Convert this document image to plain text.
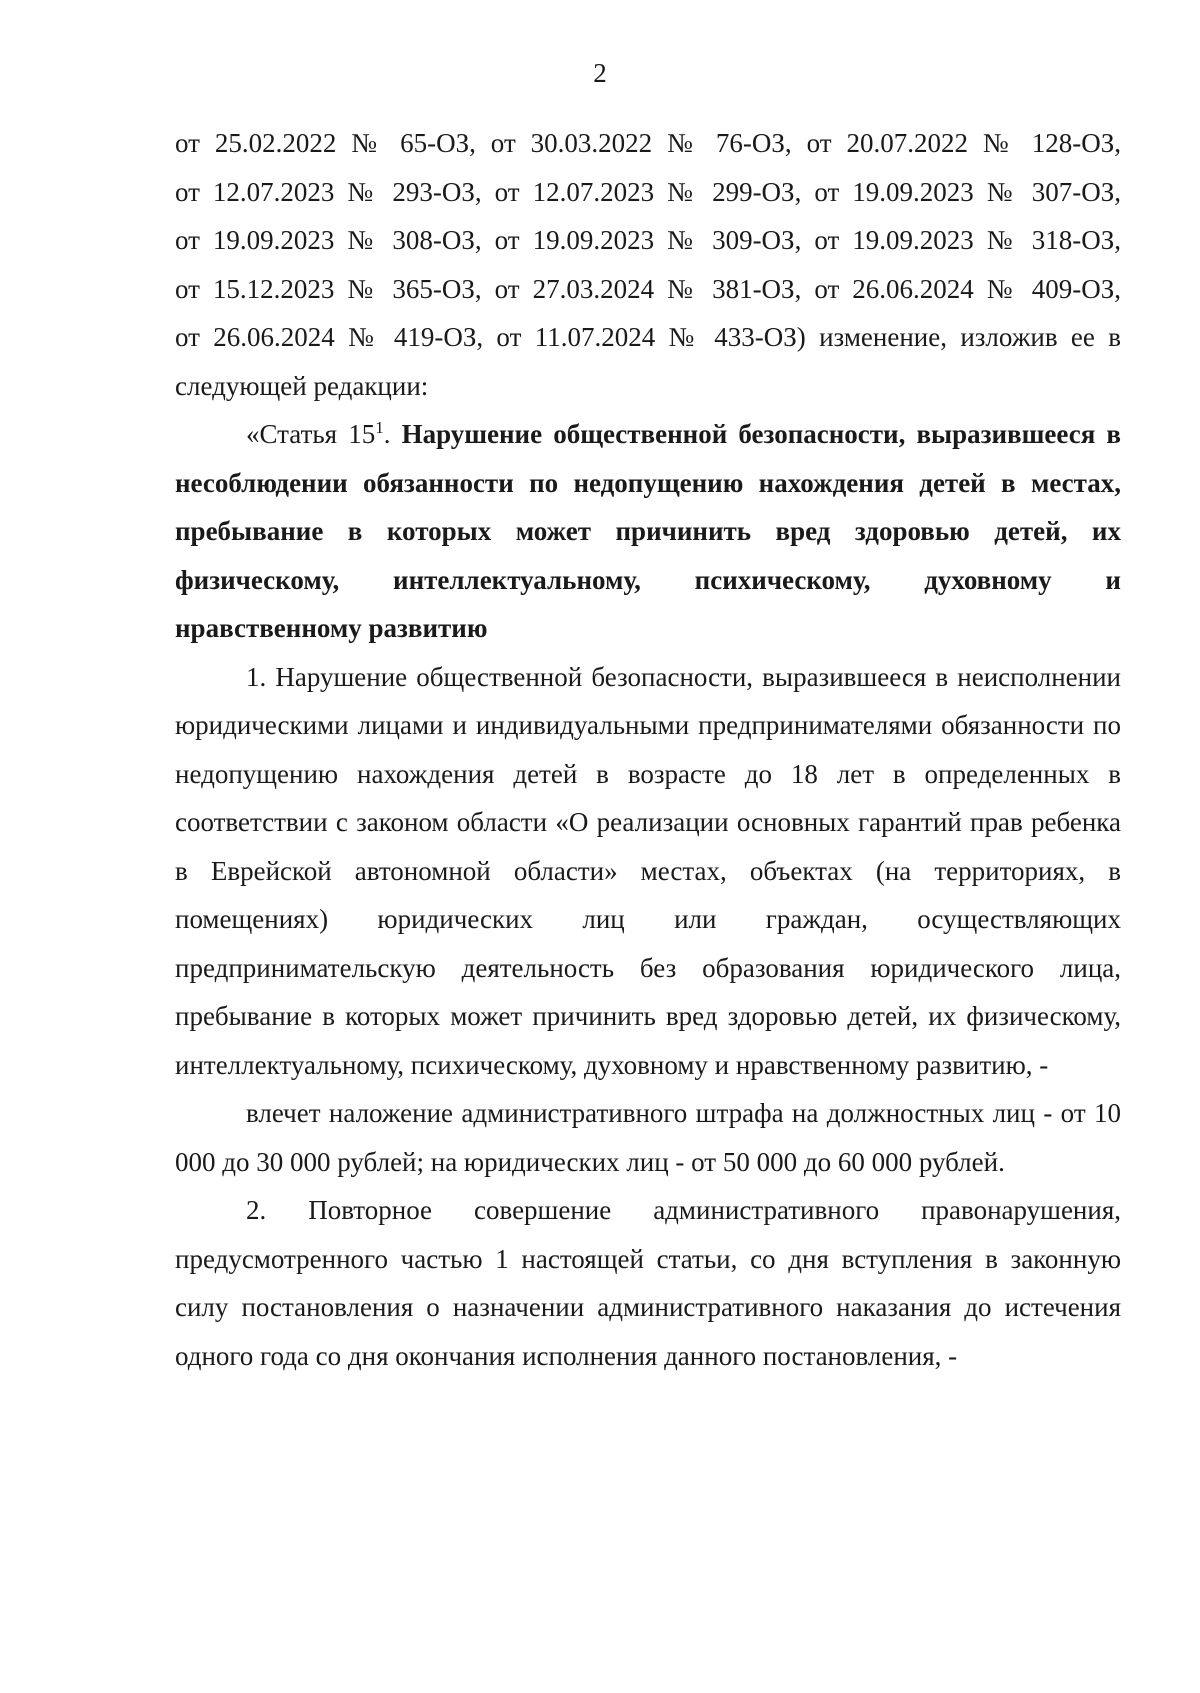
2

от 25.02.2022 № 65-ОЗ, от 30.03.2022 № 76-ОЗ, от 20.07.2022 № 128-ОЗ,

от 12.07.2023 № 293-ОЗ, от 12.07.2023 № 299-ОЗ, от 19.09.2023 № 307-ОЗ,

от 19.09.2023 № 308-ОЗ, от 19.09.2023 № 309-ОЗ, от 19.09.2023 № 318-ОЗ,

от 15.12.2023 № 365-ОЗ, от 27.03.2024 № 381-ОЗ, от 26.06.2024 № 409-ОЗ,

от 26.06.2024 № 419-ОЗ, от 11.07.2024 № 433-ОЗ) изменение, изложив ее в

следующей редакции:

«Статья $15^1$. Нарушение общественной безопасности, выразившееся в несоблюдении обязанности по недопущению нахождения детей в местах, пребывание в которых может причинить вред здоровью детей, их физическому, интеллектуальному, психическому, духовному и нравственному развитию

1. Нарушение общественной безопасности, выразившееся в неисполнении юридическими лицами и индивидуальными предпринимателями обязанности по недопущению нахождения детей в возрасте до 18 лет в определенных в соответствии с законом области «О реализации основных гарантий прав ребенка в Еврейской автономной области» местах, объектах (на территориях, в помещениях) юридических лиц или граждан, осуществляющих предпринимательскую деятельность без образования юридического лица, пребывание в которых может причинить вред здоровью детей, их физическому, интеллектуальному, психическому, духовному и нравственному развитию, -

влечет наложение административного штрафа на должностных лиц - от 10 000 до 30 000 рублей; на юридических лиц - от 50 000 до 60 000 рублей.

2. Повторное совершение административного правонарушения, предусмотренного частью 1 настоящей статьи, со дня вступления в законную силу постановления о назначении административного наказания до истечения одного года со дня окончания исполнения данного постановления, -
